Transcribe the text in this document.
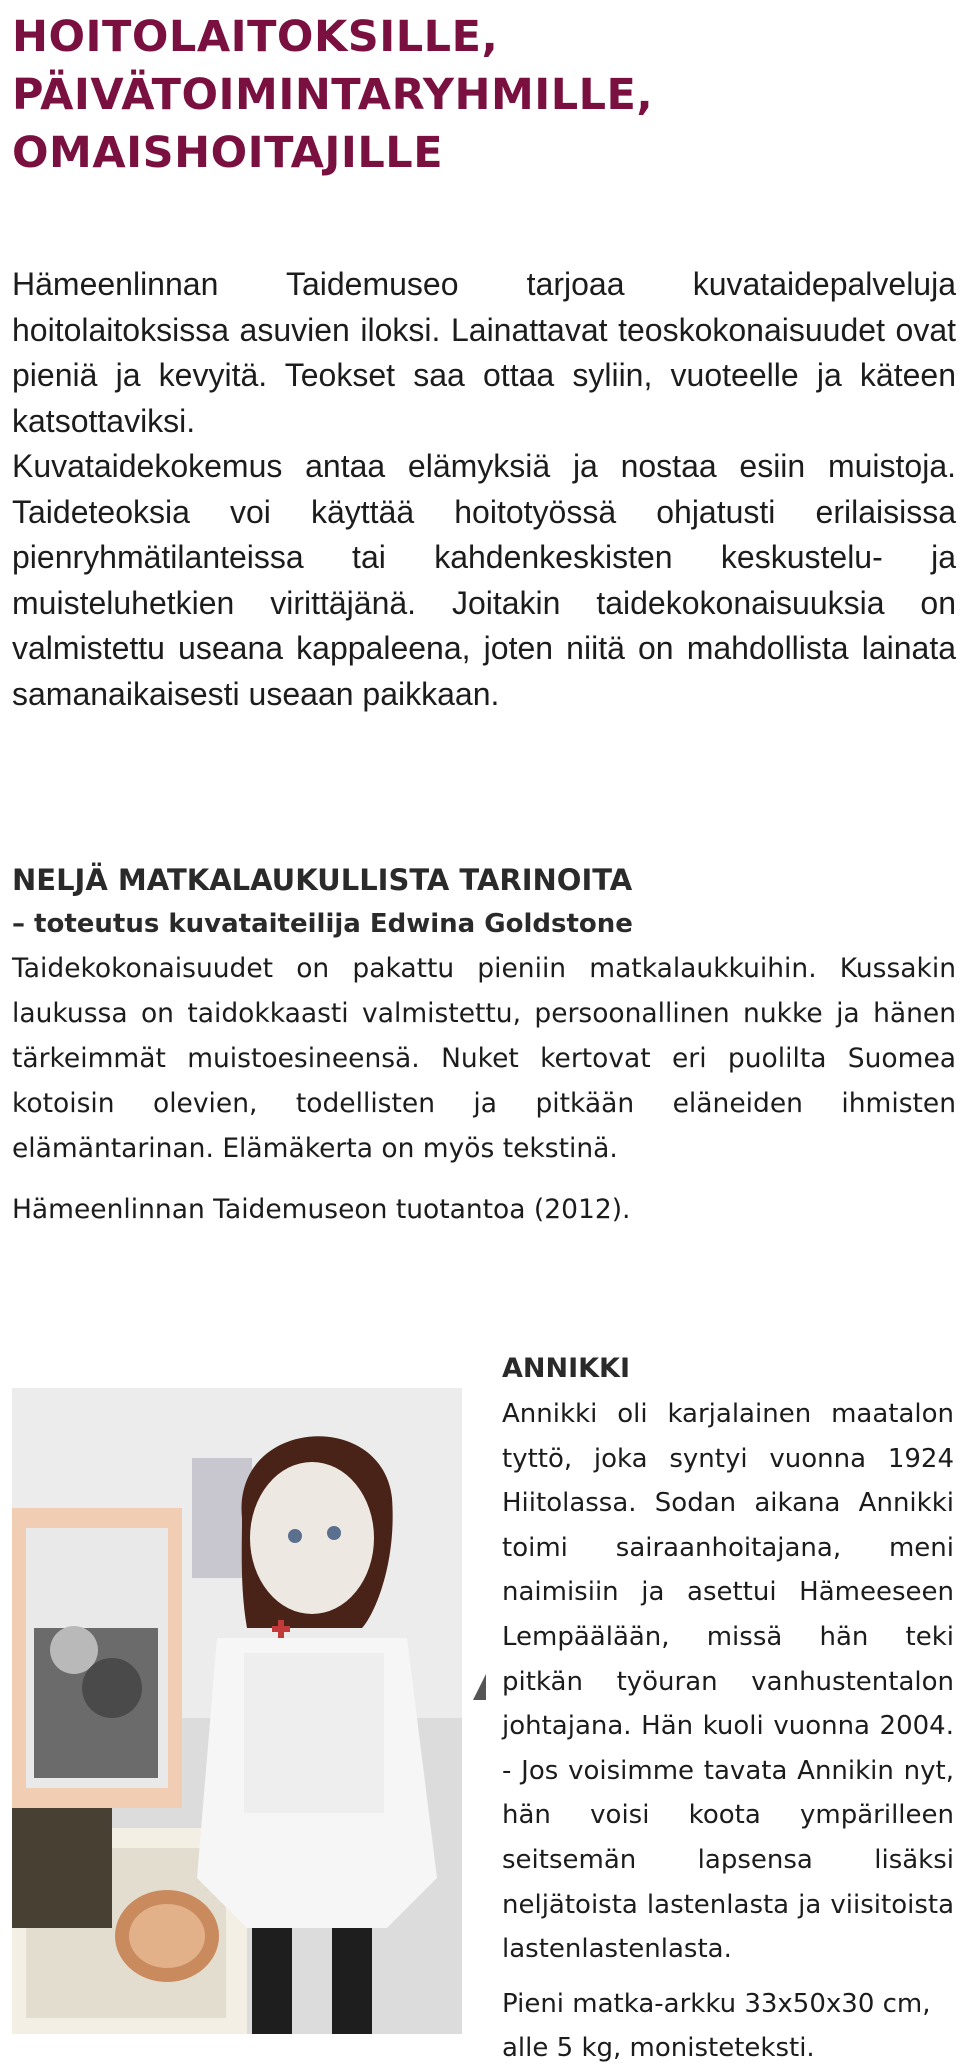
HOITOLAITOKSILLE,
PÄIVÄTOIMINTARYHMILLE,
OMAISHOITAJILLE

Hämeenlinnan Taidemuseo tarjoaa kuvataidepalveluja hoitolaitoksissa asuvien iloksi. Lainattavat teoskokonaisuudet ovat pieniä ja kevyitä. Teokset saa ottaa syliin, vuoteelle ja käteen katsottaviksi.

Kuvataidekokemus antaa elämyksiä ja nostaa esiin muistoja. Taideteoksia voi käyttää hoitotyössä ohjatusti erilaisissa pienryhmätilanteissa tai kahdenkeskisten keskustelu- ja muisteluhetkien virittäjänä. Joitakin taidekokonaisuuksia on valmistettu useana kappaleena, joten niitä on mahdollista lainata samanaikaisesti useaan paikkaan.

NELJÄ MATKALAUKULLISTA TARINOITA
– toteutus kuvataiteilija Edwina Goldstone

Taidekokonaisuudet on pakattu pieniin matkalaukkuihin. Kussakin laukussa on taidokkaasti valmistettu, persoonallinen nukke ja hänen tärkeimmät muistoesineensä. Nuket kertovat eri puolilta Suomea kotoisin olevien, todellisten ja pitkään eläneiden ihmisten elämäntarinan. Elämäkerta on myös tekstinä.

Hämeenlinnan Taidemuseon tuotantoa (2012).

ANNIKKI

Annikki oli karjalainen maatalon tyttö, joka syntyi vuonna 1924 Hiitolassa. Sodan aikana Annikki toimi sairaanhoitajana, meni naimisiin ja asettui Hämeeseen Lempäälään, missä hän teki pitkän työuran vanhustentalon johtajana. Hän kuoli vuonna 2004. - Jos voisimme tavata Annikin nyt, hän voisi koota ympärilleen seitsemän lapsensa lisäksi neljätoista lastenlasta ja viisitoista lastenlastenlasta.

Pieni matka-arkku 33x50x30 cm, alle 5 kg, monisteteksti.
